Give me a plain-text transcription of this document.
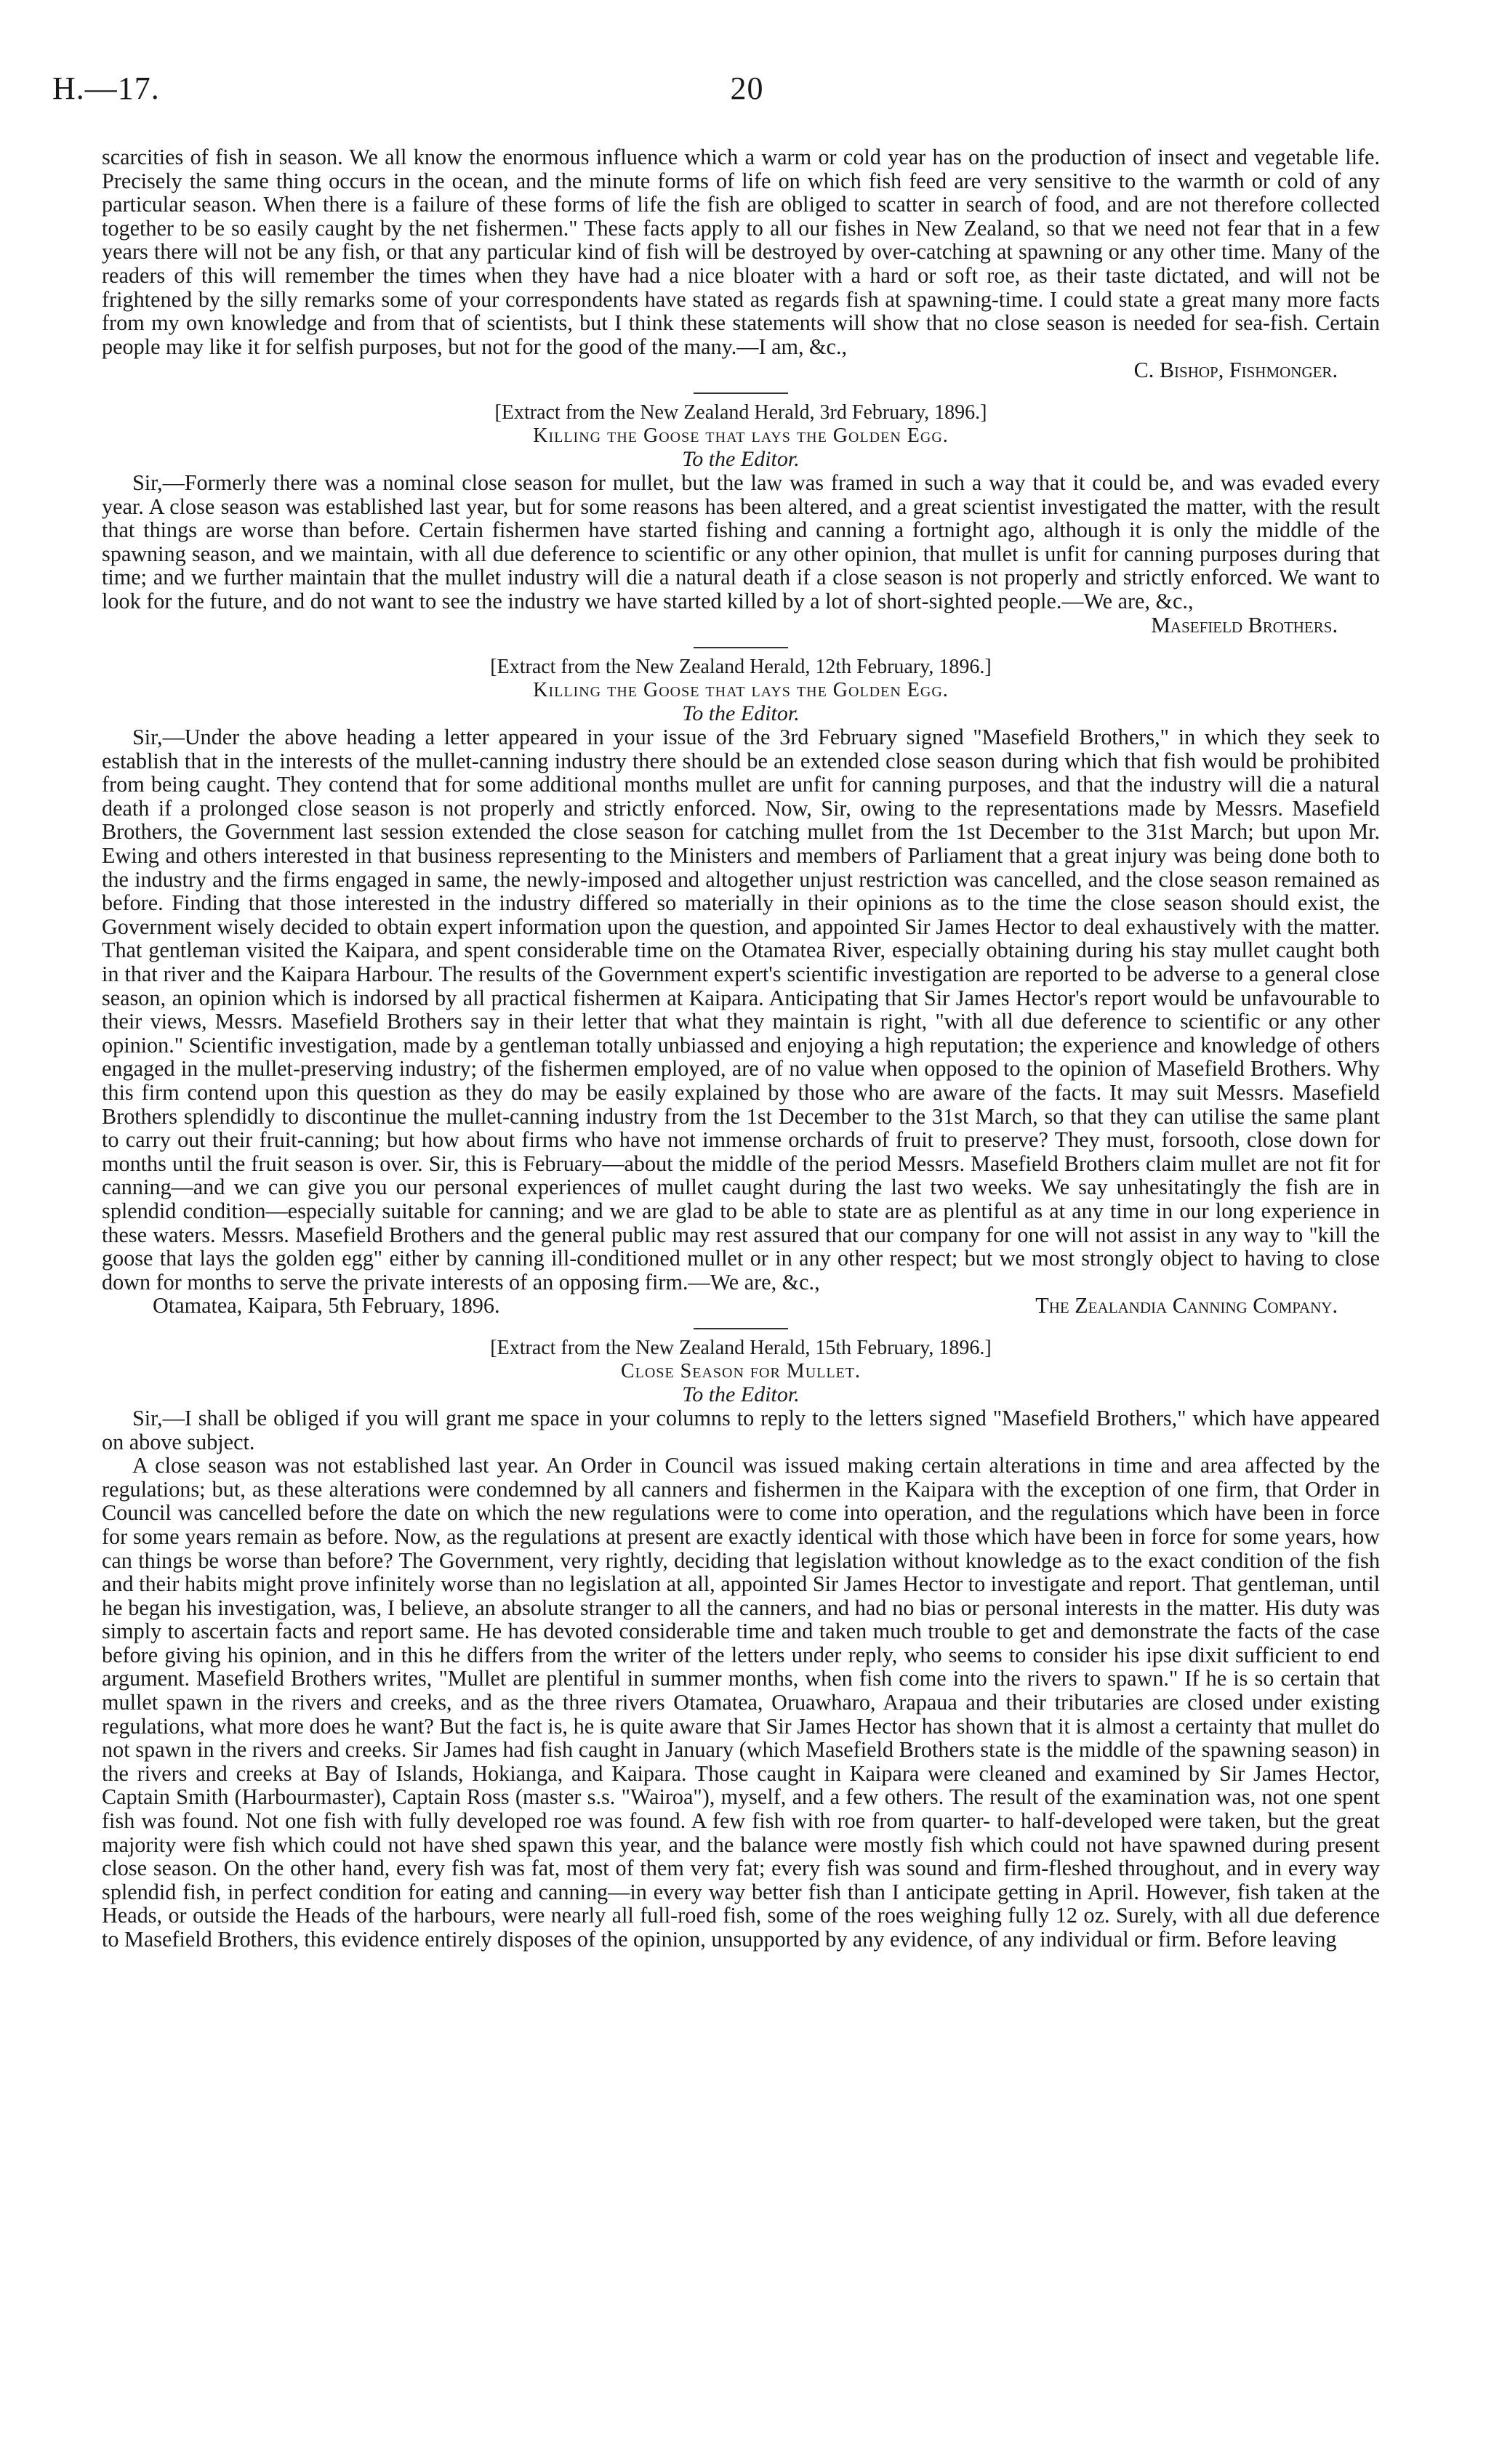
H.—17.	20

scarcities of fish in season. We all know the enormous influence which a warm or cold year has on the production of insect and vegetable life. Precisely the same thing occurs in the ocean, and the minute forms of life on which fish feed are very sensitive to the warmth or cold of any particular season. When there is a failure of these forms of life the fish are obliged to scatter in search of food, and are not therefore collected together to be so easily caught by the net fishermen." These facts apply to all our fishes in New Zealand, so that we need not fear that in a few years there will not be any fish, or that any particular kind of fish will be destroyed by over-catching at spawning or any other time. Many of the readers of this will remember the times when they have had a nice bloater with a hard or soft roe, as their taste dictated, and will not be frightened by the silly remarks some of your correspondents have stated as regards fish at spawning-time. I could state a great many more facts from my own knowledge and from that of scientists, but I think these statements will show that no close season is needed for sea-fish. Certain people may like it for selfish purposes, but not for the good of the many.—I am, &c.,

C. Bishop, Fishmonger.
[Extract from the New Zealand Herald, 3rd February, 1896.]
Killing the Goose that lays the Golden Egg.
To the Editor.

Sir,—Formerly there was a nominal close season for mullet, but the law was framed in such a way that it could be, and was evaded every year. A close season was established last year, but for some reasons has been altered, and a great scientist investigated the matter, with the result that things are worse than before. Certain fishermen have started fishing and canning a fortnight ago, although it is only the middle of the spawning season, and we maintain, with all due deference to scientific or any other opinion, that mullet is unfit for canning purposes during that time; and we further maintain that the mullet industry will die a natural death if a close season is not properly and strictly enforced. We want to look for the future, and do not want to see the industry we have started killed by a lot of short-sighted people.—We are, &c.,

Masefield Brothers.
[Extract from the New Zealand Herald, 12th February, 1896.]
Killing the Goose that lays the Golden Egg.
To the Editor.

Sir,—Under the above heading a letter appeared in your issue of the 3rd February signed "Masefield Brothers," in which they seek to establish that in the interests of the mullet-canning industry there should be an extended close season during which that fish would be prohibited from being caught. They contend that for some additional months mullet are unfit for canning purposes, and that the industry will die a natural death if a prolonged close season is not properly and strictly enforced. Now, Sir, owing to the representations made by Messrs. Masefield Brothers, the Government last session extended the close season for catching mullet from the 1st December to the 31st March; but upon Mr. Ewing and others interested in that business representing to the Ministers and members of Parliament that a great injury was being done both to the industry and the firms engaged in same, the newly-imposed and altogether unjust restriction was cancelled, and the close season remained as before. Finding that those interested in the industry differed so materially in their opinions as to the time the close season should exist, the Government wisely decided to obtain expert information upon the question, and appointed Sir James Hector to deal exhaustively with the matter. That gentleman visited the Kaipara, and spent considerable time on the Otamatea River, especially obtaining during his stay mullet caught both in that river and the Kaipara Harbour. The results of the Government expert's scientific investigation are reported to be adverse to a general close season, an opinion which is indorsed by all practical fishermen at Kaipara. Anticipating that Sir James Hector's report would be unfavourable to their views, Messrs. Masefield Brothers say in their letter that what they maintain is right, "with all due deference to scientific or any other opinion." Scientific investigation, made by a gentleman totally unbiassed and enjoying a high reputation; the experience and knowledge of others engaged in the mullet-preserving industry; of the fishermen employed, are of no value when opposed to the opinion of Masefield Brothers. Why this firm contend upon this question as they do may be easily explained by those who are aware of the facts. It may suit Messrs. Masefield Brothers splendidly to discontinue the mullet-canning industry from the 1st December to the 31st March, so that they can utilise the same plant to carry out their fruit-canning; but how about firms who have not immense orchards of fruit to preserve? They must, forsooth, close down for months until the fruit season is over. Sir, this is February—about the middle of the period Messrs. Masefield Brothers claim mullet are not fit for canning—and we can give you our personal experiences of mullet caught during the last two weeks. We say unhesitatingly the fish are in splendid condition—especially suitable for canning; and we are glad to be able to state are as plentiful as at any time in our long experience in these waters. Messrs. Masefield Brothers and the general public may rest assured that our company for one will not assist in any way to "kill the goose that lays the golden egg" either by canning ill-conditioned mullet or in any other respect; but we most strongly object to having to close down for months to serve the private interests of an opposing firm.—We are, &c.,

Otamatea, Kaipara, 5th February, 1896.	The Zealandia Canning Company.
[Extract from the New Zealand Herald, 15th February, 1896.]
Close Season for Mullet.
To the Editor.

Sir,—I shall be obliged if you will grant me space in your columns to reply to the letters signed "Masefield Brothers," which have appeared on above subject.

A close season was not established last year. An Order in Council was issued making certain alterations in time and area affected by the regulations; but, as these alterations were condemned by all canners and fishermen in the Kaipara with the exception of one firm, that Order in Council was cancelled before the date on which the new regulations were to come into operation, and the regulations which have been in force for some years remain as before. Now, as the regulations at present are exactly identical with those which have been in force for some years, how can things be worse than before? The Government, very rightly, deciding that legislation without knowledge as to the exact condition of the fish and their habits might prove infinitely worse than no legislation at all, appointed Sir James Hector to investigate and report. That gentleman, until he began his investigation, was, I believe, an absolute stranger to all the canners, and had no bias or personal interests in the matter. His duty was simply to ascertain facts and report same. He has devoted considerable time and taken much trouble to get and demonstrate the facts of the case before giving his opinion, and in this he differs from the writer of the letters under reply, who seems to consider his ipse dixit sufficient to end argument. Masefield Brothers writes, "Mullet are plentiful in summer months, when fish come into the rivers to spawn." If he is so certain that mullet spawn in the rivers and creeks, and as the three rivers Otamatea, Oruawharo, Arapaua and their tributaries are closed under existing regulations, what more does he want? But the fact is, he is quite aware that Sir James Hector has shown that it is almost a certainty that mullet do not spawn in the rivers and creeks. Sir James had fish caught in January (which Masefield Brothers state is the middle of the spawning season) in the rivers and creeks at Bay of Islands, Hokianga, and Kaipara. Those caught in Kaipara were cleaned and examined by Sir James Hector, Captain Smith (Harbourmaster), Captain Ross (master s.s. "Wairoa"), myself, and a few others. The result of the examination was, not one spent fish was found. Not one fish with fully developed roe was found. A few fish with roe from quarter- to half-developed were taken, but the great majority were fish which could not have shed spawn this year, and the balance were mostly fish which could not have spawned during present close season. On the other hand, every fish was fat, most of them very fat; every fish was sound and firm-fleshed throughout, and in every way splendid fish, in perfect condition for eating and canning—in every way better fish than I anticipate getting in April. However, fish taken at the Heads, or outside the Heads of the harbours, were nearly all full-roed fish, some of the roes weighing fully 12 oz. Surely, with all due deference to Masefield Brothers, this evidence entirely disposes of the opinion, unsupported by any evidence, of any individual or firm. Before leaving
